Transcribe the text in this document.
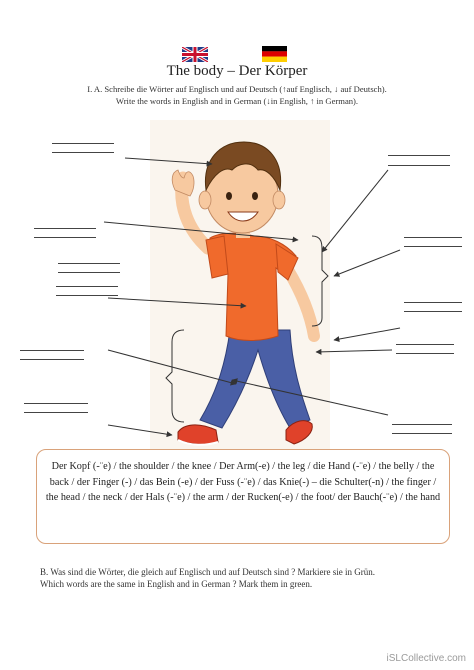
The body – Der Körper
I. A. Schreibe die Wörter auf Englisch und auf Deutsch (↑auf Englisch, ↓ auf Deutsch).
Write the words in English and in German (↓in English, ↑ in German).
Der Kopf (-¨e) / the shoulder / the knee / Der Arm(-e) / the leg / die Hand (-¨e) / the belly / the back / der Finger (-) / das Bein (-e) / der Fuss (-¨e) / das Knie(-) – die Schulter(-n) / the finger / the head / the neck / der Hals (-¨e) / the arm / der Rucken(-e) / the foot/ der Bauch(-¨e) / the hand
B. Was sind die Wörter, die gleich auf Englisch und auf Deutsch sind ? Markiere sie in Grün.
Which words are the same in English and in German ? Mark them in green.
iSLCollective.com
